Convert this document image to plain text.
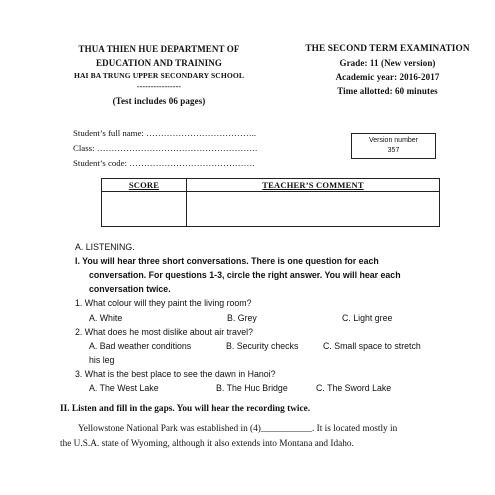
THUA THIEN HUE DEPARTMENT OF
EDUCATION AND TRAINING
HAI BA TRUNG UPPER SECONDARY SCHOOL
----------------
(Test includes 06 pages)
THE SECOND TERM EXAMINATION
Grade: 11 (New version)
Academic year: 2016-2017
Time allotted: 60 minutes
Student’s full name: ………………………………..
Class: ……………………………………………….
Student’s code: …………………………………….
Version number
357
SCORE	TEACHER’S COMMENT

A. LISTENING.
I. You will hear three short conversations. There is one question for each
conversation. For questions 1-3, circle the right answer. You will hear each
conversation twice.
1. What colour will they paint the living room?
A. White	B. Grey	C. Light gree
2. What does he most dislike about air travel?
A. Bad weather conditions	B. Security checks	C. Small space to stretch
his leg
3. What is the best place to see the dawn in Hanoi?
A. The West Lake	B. The Huc Bridge	C. The Sword Lake
II. Listen and fill in the gaps. You will hear the recording twice.
Yellowstone National Park was established in (4)___________. It is located mostly in
the U.S.A. state of Wyoming, although it also extends into Montana and Idaho.
